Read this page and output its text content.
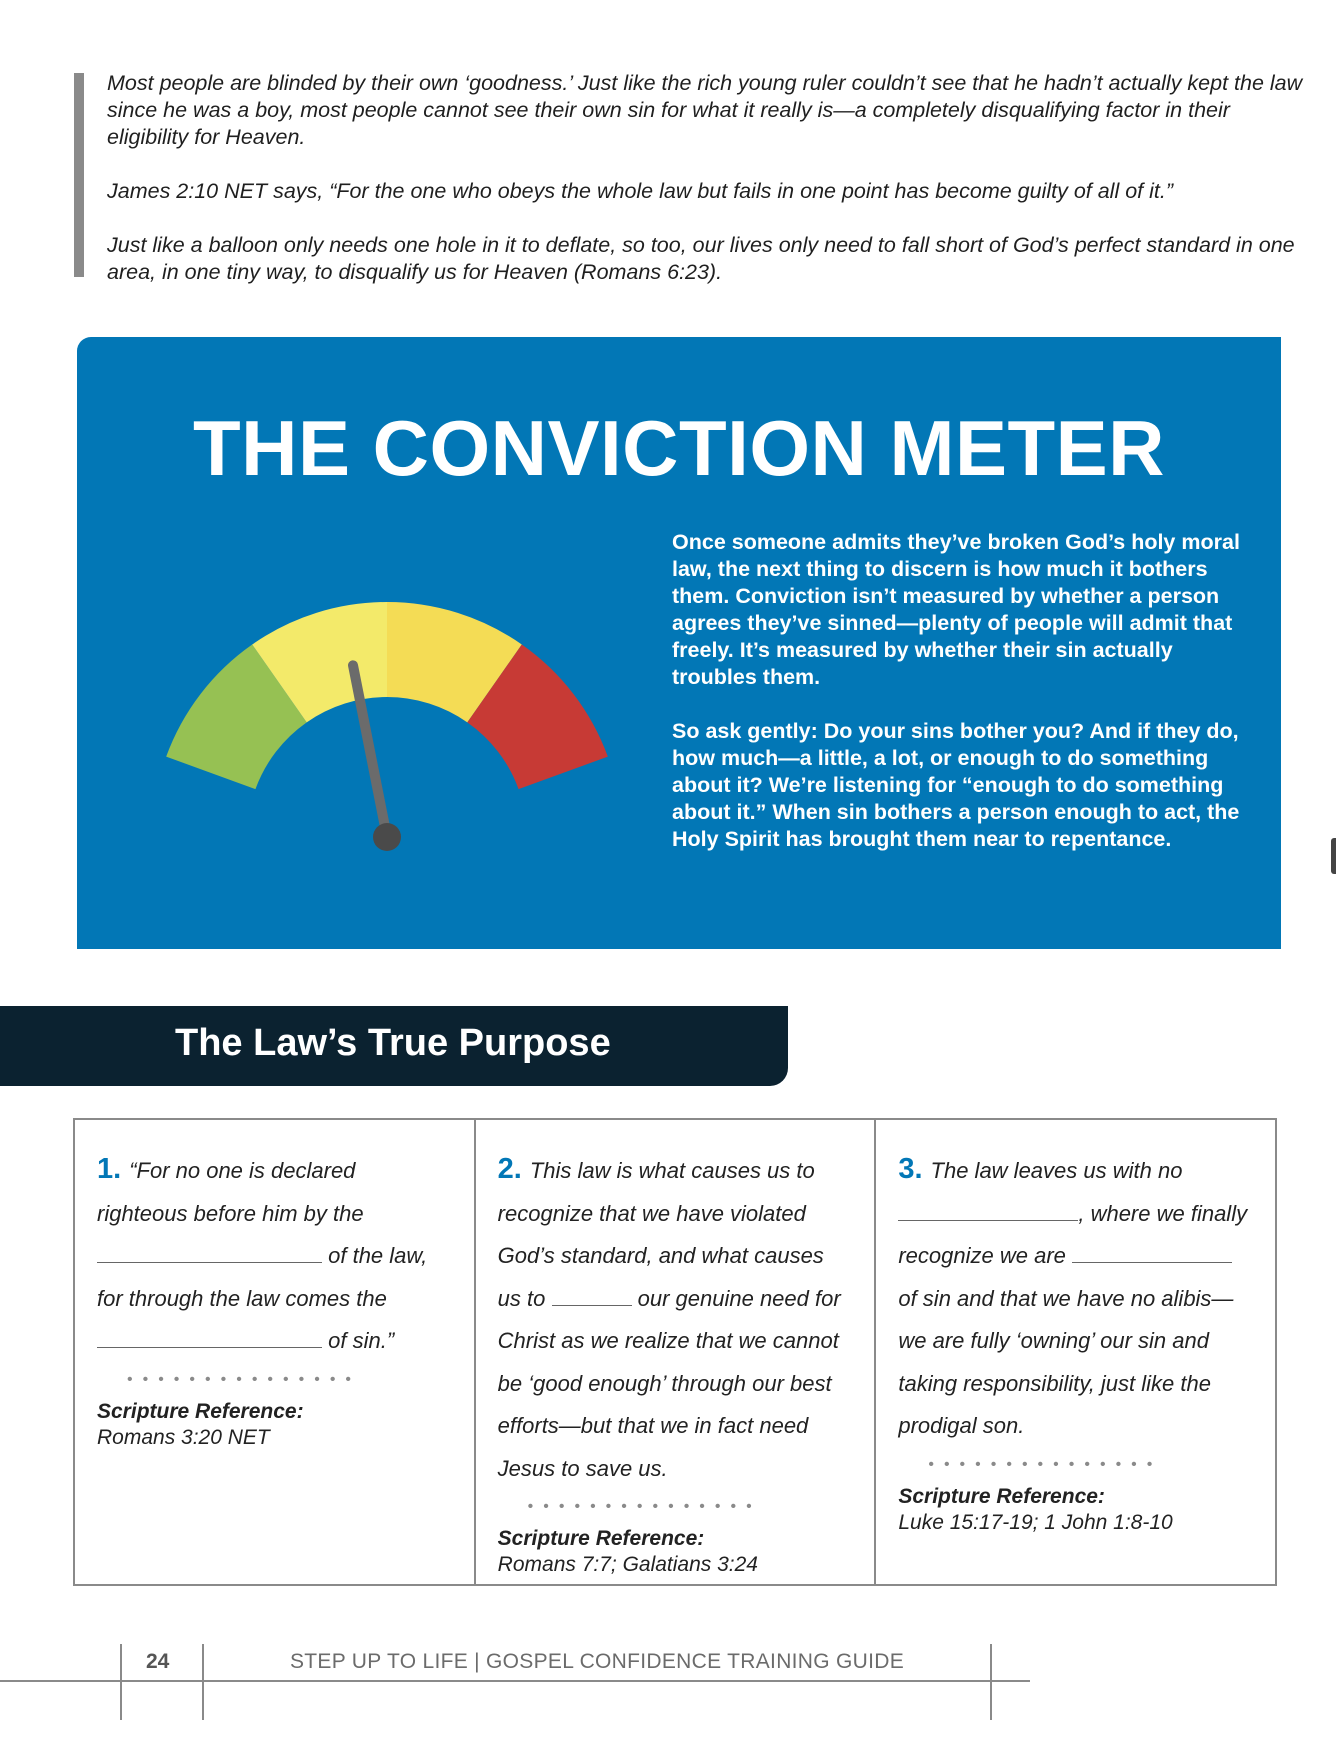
Most people are blinded by their own ‘goodness.’ Just like the rich young ruler couldn’t see that he hadn’t actually kept the law since he was a boy, most people cannot see their own sin for what it really is—a completely disqualifying factor in their eligibility for Heaven.

James 2:10 NET says, “For the one who obeys the whole law but fails in one point has become guilty of all of it.”

Just like a balloon only needs one hole in it to deflate, so too, our lives only need to fall short of God’s perfect standard in one area, in one tiny way, to disqualify us for Heaven (Romans 6:23).

THE CONVICTION METER

Once someone admits they’ve broken God’s holy moral law, the next thing to discern is how much it bothers them. Conviction isn’t measured by whether a person agrees they’ve sinned—plenty of people will admit that freely. It’s measured by whether their sin actually troubles them.

So ask gently: Do your sins bother you? And if they do, how much—a little, a lot, or enough to do something about it? We’re listening for “enough to do something about it.” When sin bothers a person enough to act, the Holy Spirit has brought them near to repentance.

The Law’s True Purpose
1. “For no one is declared righteous before him by the  of the law, for through the law comes the  of sin.”
•••••••••••••••
Scripture Reference:
Romans 3:20 NET
2. This law is what causes us to recognize that we have violated God’s standard, and what causes us to	our genuine need for Christ as we realize that we cannot be ‘good enough’ through our best efforts—but that we in fact need Jesus to save us.
•••••••••••••••
Scripture Reference:
Romans 7:7; Galatians 3:24
3. The law leaves us with no , where we finally recognize we are  of sin and that we have no alibis—we are fully ‘owning’ our sin and taking responsibility, just like the prodigal son.
•••••••••••••••
Scripture Reference:
Luke 15:17-19; 1 John 1:8-10
24	STEP UP TO LIFE | GOSPEL CONFIDENCE TRAINING GUIDE
